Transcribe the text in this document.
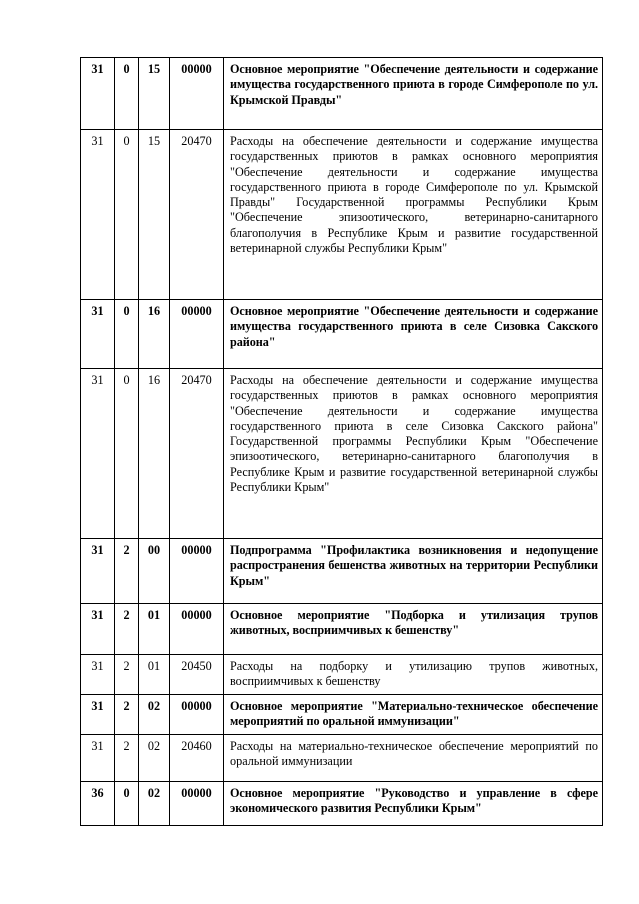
31	0	15	00000	Основное мероприятие "Обеспечение деятельности и содержание имущества государственного приюта в городе Симферополе по ул. Крымской Правды"

31	0	15	20470	Расходы на обеспечение деятельности и содержание имущества государственных приютов в рамках основного мероприятия "Обеспечение деятельности и содержание имущества государственного приюта в городе Симферополе по ул. Крымской Правды" Государственной программы Республики Крым "Обеспечение эпизоотического, ветеринарно-санитарного благополучия в Республике Крым и развитие государственной ветеринарной службы Республики Крым"

31	0	16	00000	Основное мероприятие "Обеспечение деятельности и содержание имущества государственного приюта в селе Сизовка Сакского района"

31	0	16	20470	Расходы на обеспечение деятельности и содержание имущества государственных приютов в рамках основного мероприятия "Обеспечение деятельности и содержание имущества государственного приюта в селе Сизовка Сакского района" Государственной программы Республики Крым "Обеспечение эпизоотического, ветеринарно-санитарного благополучия в Республике Крым и развитие государственной ветеринарной службы Республики Крым"

31	2	00	00000	Подпрограмма "Профилактика возникновения и недопущение распространения бешенства животных на территории Республики Крым"

31	2	01	00000	Основное мероприятие "Подборка и утилизация трупов животных, восприимчивых к бешенству"

31	2	01	20450	Расходы на подборку и утилизацию трупов животных, восприимчивых к бешенству

31	2	02	00000	Основное мероприятие "Материально-техническое обеспечение мероприятий по оральной иммунизации"

31	2	02	20460	Расходы на материально-техническое обеспечение мероприятий по оральной иммунизации

36	0	02	00000	Основное мероприятие "Руководство и управление в сфере экономического развития Республики Крым"
